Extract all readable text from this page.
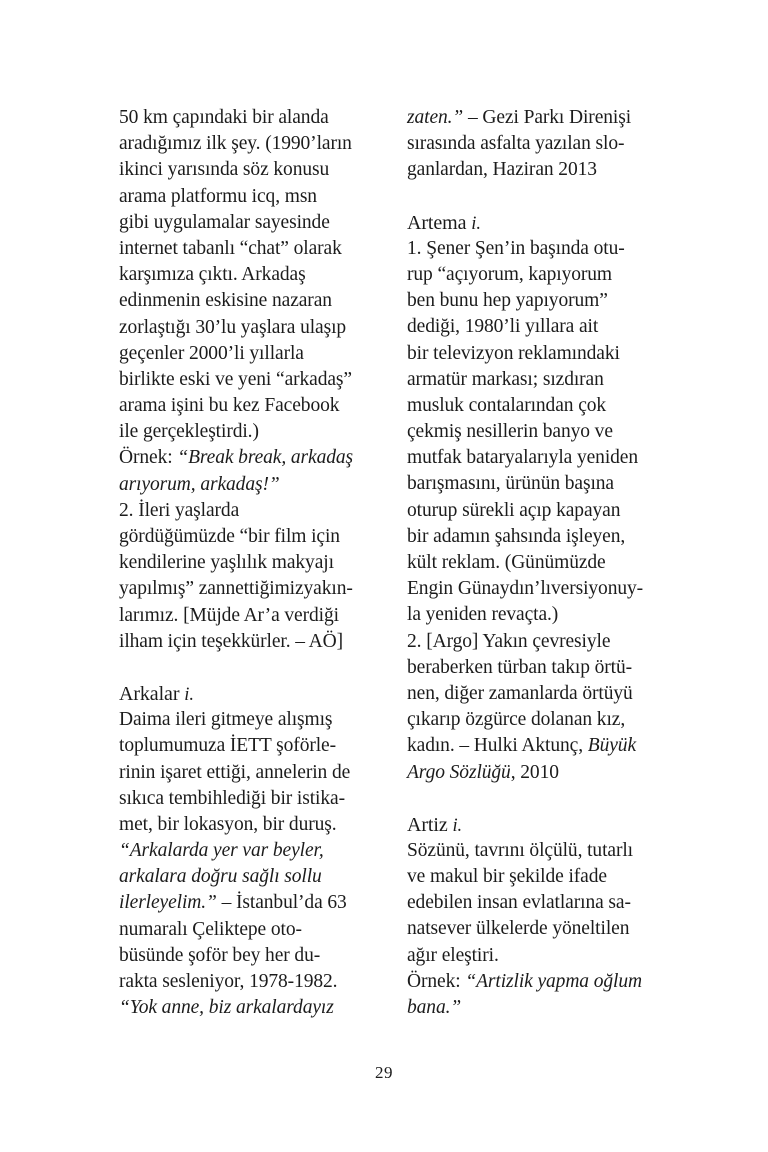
50 km çapındaki bir alanda
aradığımız ilk şey. (1990’ların
ikinci yarısında söz konusu
arama platformu icq, msn
gibi uygulamalar sayesinde
internet tabanlı “chat” olarak
karşımıza çıktı. Arkadaş
edinmenin eskisine nazaran
zorlaştığı 30’lu yaşlara ulaşıp
geçenler 2000’li yıllarla
birlikte eski ve yeni “arkadaş”
arama işini bu kez Facebook
ile gerçekleştirdi.)
Örnek: “Break break, arkadaş
arıyorum, arkadaş!”
2. İleri yaşlarda
gördüğümüzde “bir film için
kendilerine yaşlılık makyajı
yapılmış” zannettiğimizyakın-
larımız. [Müjde Ar’a verdiği
ilham için teşekkürler. – AÖ]
Arkalar i.
Daima ileri gitmeye alışmış
toplumumuza İETT şoförle-
rinin işaret ettiği, annelerin de
sıkıca tembihlediği bir istika-
met, bir lokasyon, bir duruş.
“Arkalarda yer var beyler,
arkalara doğru sağlı sollu
ilerleyelim.” – İstanbul’da 63
numaralı Çeliktepe oto-
büsünde şoför bey her du-
rakta sesleniyor, 1978-1982.
“Yok anne, biz arkalardayız
zaten.” – Gezi Parkı Direnişi
sırasında asfalta yazılan slo-
ganlardan, Haziran 2013
Artema i.
1. Şener Şen’in başında otu-
rup “açıyorum, kapıyorum
ben bunu hep yapıyorum”
dediği, 1980’li yıllara ait
bir televizyon reklamındaki
armatür markası; sızdıran
musluk contalarından çok
çekmiş nesillerin banyo ve
mutfak bataryalarıyla yeniden
barışmasını, ürünün başına
oturup sürekli açıp kapayan
bir adamın şahsında işleyen,
kült reklam. (Günümüzde
Engin Günaydın’lıversiyonuy-
la yeniden revaçta.)
2. [Argo] Yakın çevresiyle
beraberken türban takıp örtü-
nen, diğer zamanlarda örtüyü
çıkarıp özgürce dolanan kız,
kadın. – Hulki Aktunç, Büyük
Argo Sözlüğü, 2010
Artiz i.
Sözünü, tavrını ölçülü, tutarlı
ve makul bir şekilde ifade
edebilen insan evlatlarına sa-
natsever ülkelerde yöneltilen
ağır eleştiri.
Örnek: “Artizlik yapma oğlum
bana.”
29
